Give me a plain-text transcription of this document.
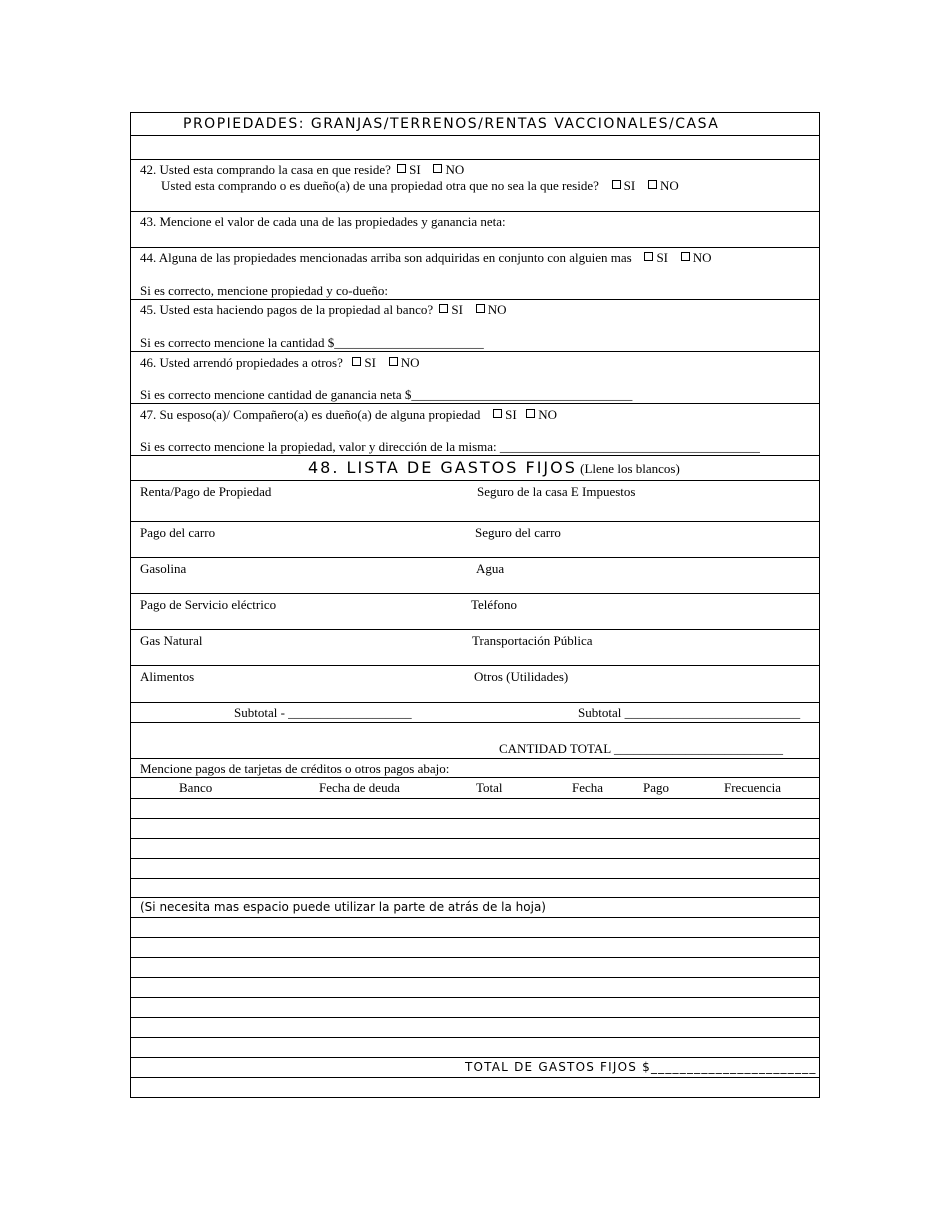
PROPIEDADES: GRANJAS/TERRENOS/RENTAS VACCIONALES/CASA
42. Usted esta comprando la casa en que reside? SI NO
Usted esta comprando o es dueño(a) de una propiedad otra que no sea la que reside? SI NO
43. Mencione el valor de cada una de las propiedades y ganancia neta:
44. Alguna de las propiedades mencionadas arriba son adquiridas en conjunto con alguien mas SI NO
Si es correcto, mencione propiedad y co-dueño:
45. Usted esta haciendo pagos de la propiedad al banco? SI NO
Si es correcto mencione la cantidad $_______________________
46. Usted arrendó propiedades a otros? SI NO
Si es correcto mencione cantidad de ganancia neta $__________________________________
47. Su esposo(a)/ Compañero(a) es dueño(a) de alguna propiedad SI NO
Si es correcto mencione la propiedad, valor y dirección de la misma: ________________________________________
48. LISTA DE GASTOS FIJOS (Llene los blancos)
Renta/Pago de Propiedad	Seguro de la casa E Impuestos
Pago del carro	Seguro del carro
Gasolina	Agua
Pago de Servicio eléctrico	Teléfono
Gas Natural	Transportación Pública
Alimentos	Otros (Utilidades)
Subtotal - ___________________	Subtotal ___________________________
CANTIDAD TOTAL __________________________
Mencione pagos de tarjetas de créditos o otros pagos abajo:
Banco	Fecha de deuda	Total	Fecha	Pago	Frecuencia
(Si necesita mas espacio puede utilizar la parte de atrás de la hoja)
TOTAL DE GASTOS FIJOS $_______________________
